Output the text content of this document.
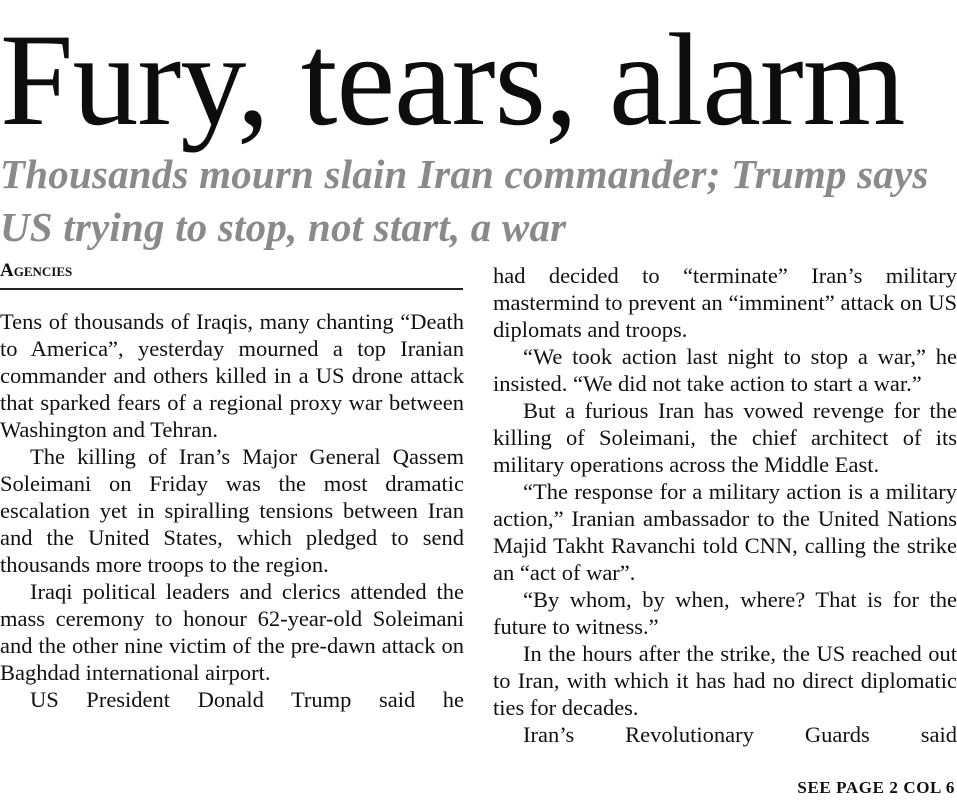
Fury, tears, alarm
Thousands mourn slain Iran commander; Trump says US trying to stop, not start, a war
Agencies

Tens of thousands of Iraqis, many chanting “Death to America”, yesterday mourned a top Iranian commander and others killed in a US drone attack that sparked fears of a regional proxy war between Washington and Tehran.

The killing of Iran’s Major General Qassem Soleimani on Friday was the most dramatic escalation yet in spiralling tensions between Iran and the United States, which pledged to send thousands more troops to the region.

Iraqi political leaders and clerics attended the mass ceremony to honour 62-year-old Soleimani and the other nine victim of the pre-dawn attack on Baghdad international airport.

US President Donald Trump said he

had decided to “terminate” Iran’s military mastermind to prevent an “imminent” attack on US diplomats and troops.

“We took action last night to stop a war,” he insisted. “We did not take action to start a war.”

But a furious Iran has vowed revenge for the killing of Soleimani, the chief architect of its military operations across the Middle East.

“The response for a military action is a military action,” Iranian ambassador to the United Nations Majid Takht Ravanchi told CNN, calling the strike an “act of war”.

“By whom, by when, where? That is for the future to witness.”

In the hours after the strike, the US reached out to Iran, with which it has had no direct diplomatic ties for decades.

Iran’s Revolutionary Guards said

SEE PAGE 2 COL 6
